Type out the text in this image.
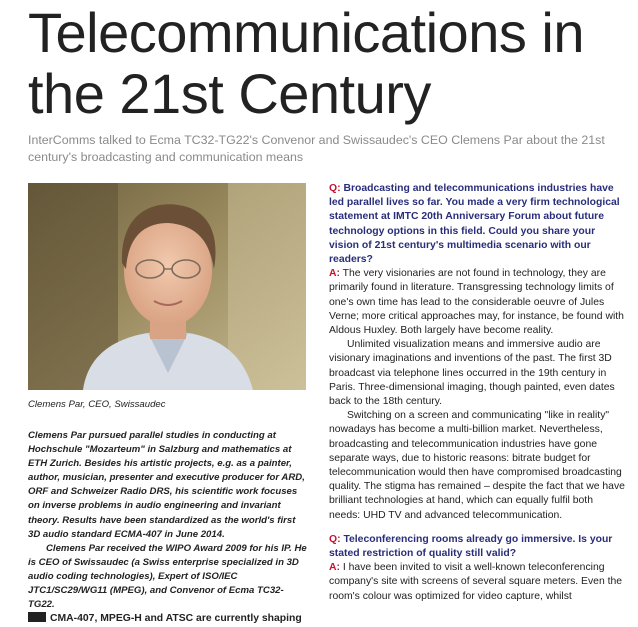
Telecommunications in the 21st Century

InterComms talked to Ecma TC32-TG22's Convenor and Swissaudec's CEO Clemens Par about the 21st century's broadcasting and communication means

Clemens Par, CEO, Swissaudec

Clemens Par pursued parallel studies in conducting at Hochschule "Mozarteum" in Salzburg and mathematics at ETH Zurich. Besides his artistic projects, e.g. as a painter, author, musician, presenter and executive producer for ARD, ORF and Schweizer Radio DRS, his scientific work focuses on inverse problems in audio engineering and invariant theory. Results have been standardized as the world's first 3D audio standard ECMA-407 in June 2014.

Clemens Par received the WIPO Award 2009 for his IP. He is CEO of Swissaudec (a Swiss enterprise specialized in 3D audio coding technologies), Expert of ISO/IEC JTC1/SC29/WG11 (MPEG), and Convenor of Ecma TC32-TG22.

CMA-407, MPEG-H and ATSC are currently shaping

Q: Broadcasting and telecommunications industries have led parallel lives so far. You made a very firm technological statement at IMTC 20th Anniversary Forum about future technology options in this field. Could you share your vision of 21st century's multimedia scenario with our readers?

A: The very visionaries are not found in technology, they are primarily found in literature. Transgressing technology limits of one's own time has lead to the considerable oeuvre of Jules Verne; more critical approaches may, for instance, be found with Aldous Huxley. Both largely have become reality.

Unlimited visualization means and immersive audio are visionary imaginations and inventions of the past. The first 3D broadcast via telephone lines occurred in the 19th century in Paris. Three-dimensional imaging, though painted, even dates back to the 18th century.

Switching on a screen and communicating "like in reality" nowadays has become a multi-billion market. Nevertheless, broadcasting and telecommunication industries have gone separate ways, due to historic reasons: bitrate budget for telecommunication would then have compromised broadcasting quality. The stigma has remained – despite the fact that we have brilliant technologies at hand, which can equally fulfil both needs: UHD TV and advanced telecommunication.

Q: Teleconferencing rooms already go immersive. Is your stated restriction of quality still valid?

A: I have been invited to visit a well-known teleconferencing company's site with screens of several square meters. Even the room's colour was optimized for video capture, whilst
